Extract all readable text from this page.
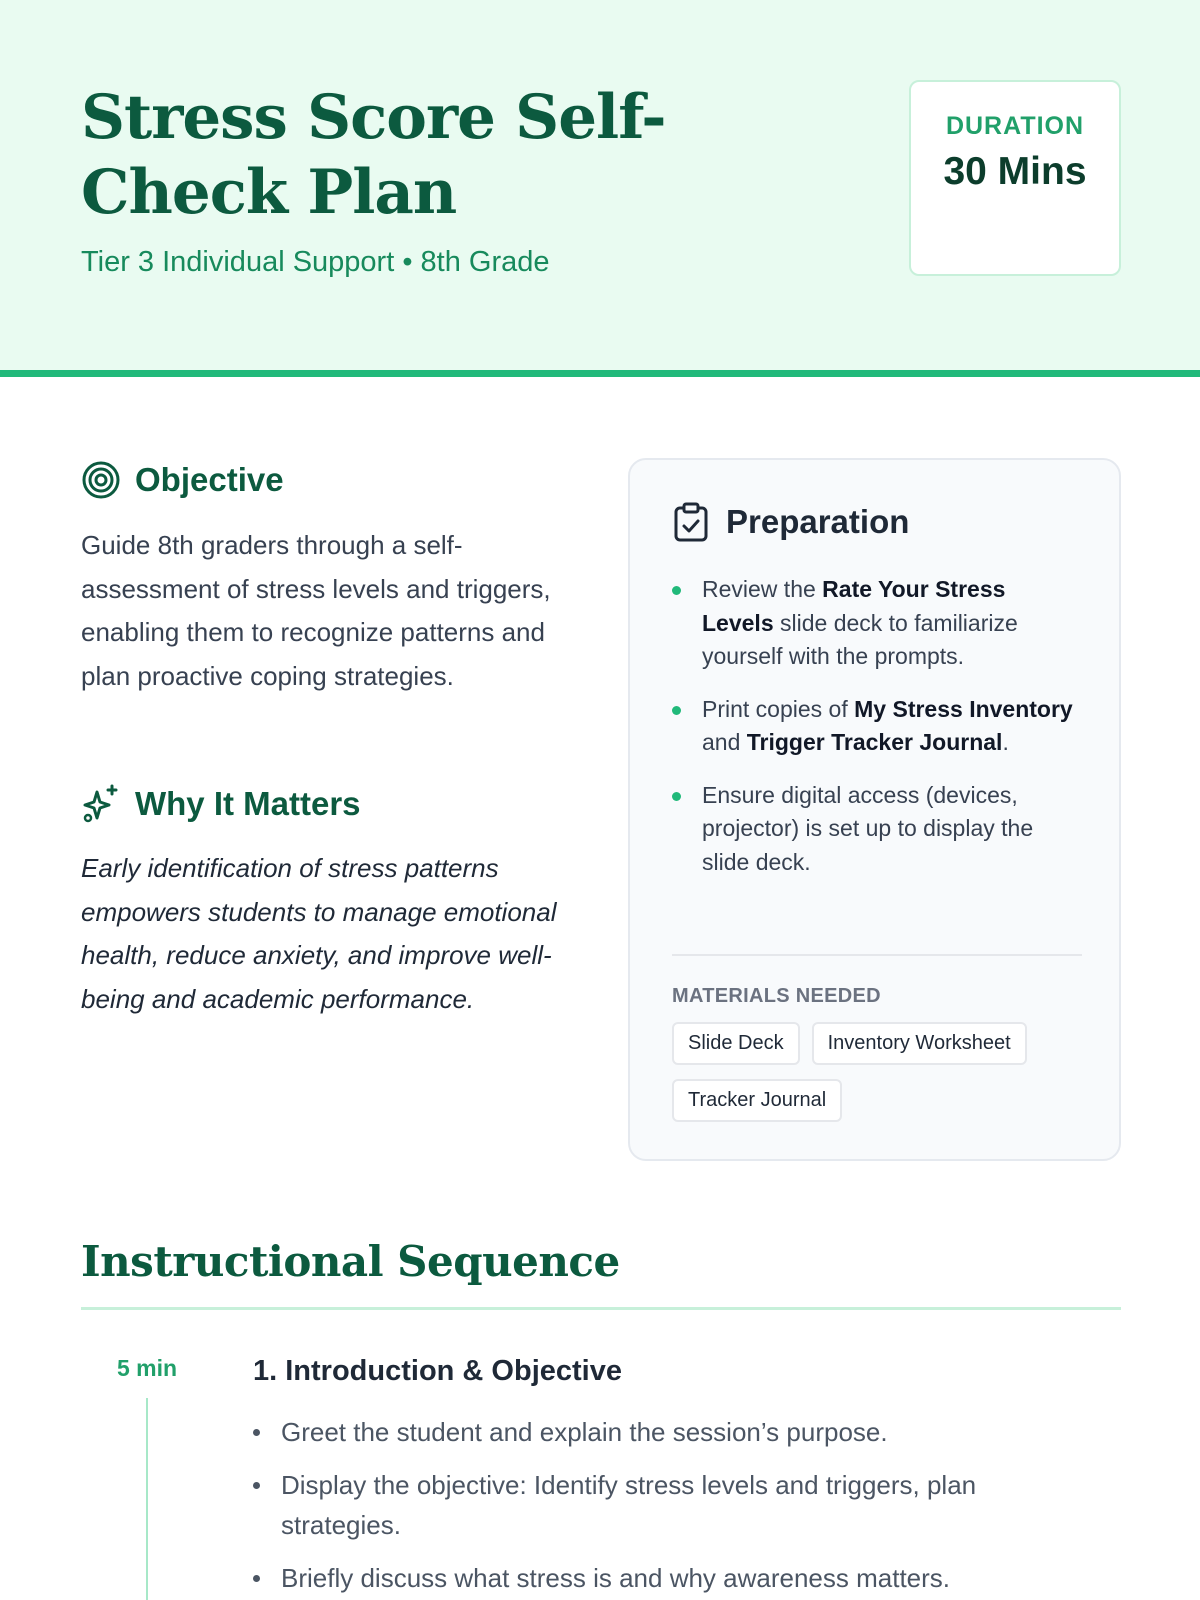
Stress Score Self-Check Plan
Tier 3 Individual Support • 8th Grade
DURATION
30 Mins
Objective

Guide 8th graders through a self-assessment of stress levels and triggers, enabling them to recognize patterns and plan proactive coping strategies.

Why It Matters

Early identification of stress patterns empowers students to manage emotional health, reduce anxiety, and improve well-being and academic performance.

Preparation
Review the Rate Your Stress Levels slide deck to familiarize yourself with the prompts.
Print copies of My Stress Inventory and Trigger Tracker Journal.
Ensure digital access (devices, projector) is set up to display the slide deck.
MATERIALS NEEDED
Slide Deck	Inventory Worksheet
Tracker Journal
Instructional Sequence
5 min	1. Introduction & Objective
Greet the student and explain the session’s purpose.
Display the objective: Identify stress levels and triggers, plan strategies.
Briefly discuss what stress is and why awareness matters.
